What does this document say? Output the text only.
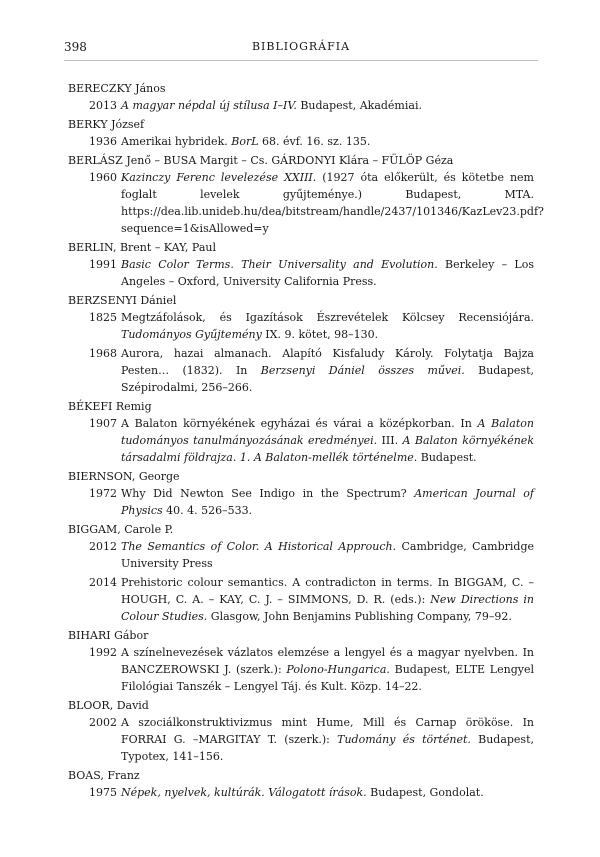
398	BIBLIOGRÁFIA
BERECZKY János
2013 A magyar népdal új stílusa I–IV. Budapest, Akadémiai.
BERKY József
1936 Amerikai hybridek. BorL 68. évf. 16. sz. 135.
BERLÁSZ Jenő – BUSA Margit – Cs. GÁRDONYI Klára – FÜLÖP Géza
1960 Kazinczy Ferenc levelezése XXIII. (1927 óta előkerült, és kötetbe nem foglalt levelek gyűjteménye.) Budapest, MTA. https://dea.lib.unideb.hu/dea/bitstream/handle/2437/101346/KazLev23.pdf?sequence=1&isAllowed=y
BERLIN, Brent – KAY, Paul
1991 Basic Color Terms. Their Universality and Evolution. Berkeley – Los Angeles – Oxford, University California Press.
BERZSENYI Dániel
1825 Megtzáfolások, és Igazítások Észrevételek Kölcsey Recensiójára. Tudományos Gyűjtemény IX. 9. kötet, 98–130.
1968 Aurora, hazai almanach. Alapító Kisfaludy Károly. Folytatja Bajza Pesten… (1832). In Berzsenyi Dániel összes művei. Budapest, Szépirodalmi, 256–266.
BÉKEFI Remig
1907 A Balaton környékének egyházai és várai a középkorban. In A Balaton tudományos tanulmányozásának eredményei. III. A Balaton környékének társadalmi földrajza. 1. A Balaton-mellék történelme. Budapest.
BIERNSON, George
1972 Why Did Newton See Indigo in the Spectrum? American Journal of Physics 40. 4. 526–533.
BIGGAM, Carole P.
2012 The Semantics of Color. A Historical Approuch. Cambridge, Cambridge University Press
2014 Prehistoric colour semantics. A contradicton in terms. In BIGGAM, C. – HOUGH, C. A. – KAY, C. J. – SIMMONS, D. R. (eds.): New Directions in Colour Studies. Glasgow, John Benjamins Publishing Company, 79–92.
BIHARI Gábor
1992 A színelnevezések vázlatos elemzése a lengyel és a magyar nyelvben. In BANCZEROWSKI J. (szerk.): Polono-Hungarica. Budapest, ELTE Lengyel Filológiai Tanszék – Lengyel Táj. és Kult. Közp. 14–22.
BLOOR, David
2002 A szociálkonstruktivizmus mint Hume, Mill és Carnap örököse. In FORRAI G. –MARGITAY T. (szerk.): Tudomány és történet. Budapest, Typotex, 141–156.
BOAS, Franz
1975 Népek, nyelvek, kultúrák. Válogatott írások. Budapest, Gondolat.
